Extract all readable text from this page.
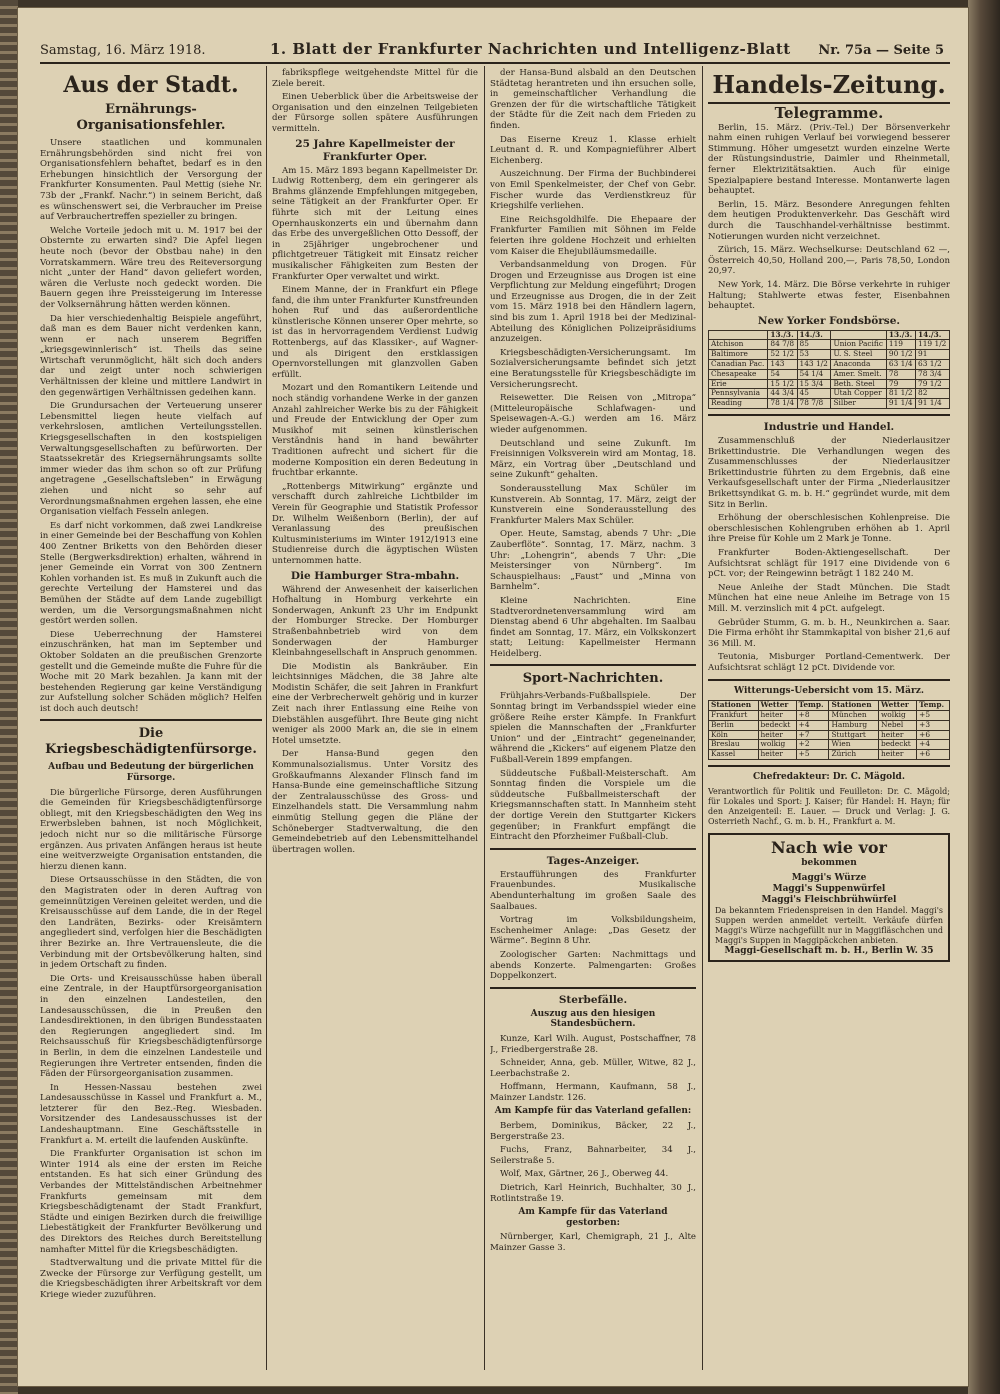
Samstag, 16. März 1918.	1. Blatt der Frankfurter Nachrichten und Intelligenz-Blatt Nr. 75a — Seite 5
Aus der Stadt.
Ernährungs-Organisationsfehler.

Unsere staatlichen und kommunalen Ernährungsbehörden sind nicht frei von Organisationsfehlern behaftet, bedarf es in den Erhebungen hinsichtlich der Versorgung der Frankfurter Konsumenten. Paul Mettig (siehe Nr. 73b der „Frankf. Nachr.“) in seinem Bericht, daß es wünschenswert sei, die Verbraucher im Preise auf Verbrauchertreffen spezieller zu bringen.

Welche Vorteile jedoch mit u. M. 1917 bei der Obsternte zu erwarten sind? Die Apfel liegen heute noch (bevor der Obstbau nahe) in den Vorratskammern. Wäre treu des Reiteversorgung nicht „unter der Hand“ davon geliefert worden, wären die Verluste noch gedeckt worden. Die Bauern gegen ihre Preissteigerung im Interesse der Volksernährung hätten werden können.

Da hier verschiedenhaltig Beispiele angeführt, daß man es dem Bauer nicht verdenken kann, wenn er nach unserem Begriffen „kriegsgewinnlerisch“ ist. Theils das seine Wirtschaft verunmöglicht, hält sich doch anders dar und zeigt unter noch schwierigen Verhältnissen der kleine und mittlere Landwirt in den gegenwärtigen Verhältnissen gedeihen kann.

Die Grundursachen der Verteuerung unserer Lebensmittel liegen heute vielfach auf verkehrslosen, amtlichen Verteilungsstellen. Kriegsgesellschaften in den kostspieligen Verwaltungsgesellschaften zu befürworten. Der Staatssekretär des Kriegsernährungsamts sollte immer wieder das ihm schon so oft zur Prüfung angetragene „Gesellschaftsleben“ in Erwägung ziehen und nicht so sehr auf Verordnungsmaßnahmen ergehen lassen, ehe eine Organisation vielfach Fesseln anlegen.

Es darf nicht vorkommen, daß zwei Landkreise in einer Gemeinde bei der Beschaffung von Kohlen 400 Zentner Briketts von den Behörden dieser Stelle (Bergwerksdirektion) erhalten, während in jener Gemeinde ein Vorrat von 300 Zentnern Kohlen vorhanden ist. Es muß in Zukunft auch die gerechte Verteilung der Hamsterei und das Bemühen der Städte auf dem Lande zugebilligt werden, um die Versorgungsmaßnahmen nicht gestört werden sollen.

Diese Ueberrechnung der Hamsterei einzuschränken, hat man im September und Oktober Soldaten an die preußischen Grenzorte gestellt und die Gemeinde mußte die Fuhre für die Woche mit 20 Mark bezahlen. Ja kann mit der bestehenden Regierung gar keine Verständigung zur Aufstellung solcher Schäden möglich? Helfen ist doch auch deutsch!

Die Kriegsbeschädigtenfürsorge.
Aufbau und Bedeutung der bürgerlichen Fürsorge.

Die bürgerliche Fürsorge, deren Ausführungen die Gemeinden für Kriegsbeschädigtenfürsorge obliegt, mit den Kriegsbeschädigten den Weg ins Erwerbsleben bahnen, ist noch Möglichkeit, jedoch nicht nur so die militärische Fürsorge ergänzen. Aus privaten Anfängen heraus ist heute eine weitverzweigte Organisation entstanden, die hierzu dienen kann.

Diese Ortsausschüsse in den Städten, die von den Magistraten oder in deren Auftrag von gemeinnützigen Vereinen geleitet werden, und die Kreisausschüsse auf dem Lande, die in der Regel den Landräten, Bezirks- oder Kreisämtern angegliedert sind, verfolgen hier die Beschädigten ihrer Bezirke an. Ihre Vertrauensleute, die die Verbindung mit der Ortsbevölkerung halten, sind in jedem Ortschaft zu finden.

Die Orts- und Kreisausschüsse haben überall eine Zentrale, in der Hauptfürsorgeorganisation in den einzelnen Landesteilen, den Landesausschüssen, die in Preußen den Landesdirektionen, in den übrigen Bundesstaaten den Regierungen angegliedert sind. Im Reichsausschuß für Kriegsbeschädigtenfürsorge in Berlin, in dem die einzelnen Landesteile und Regierungen ihre Vertreter entsenden, finden die Fäden der Fürsorgeorganisation zusammen.

In Hessen-Nassau bestehen zwei Landesausschüsse in Kassel und Frankfurt a. M., letzterer für den Bez.-Reg. Wiesbaden. Vorsitzender des Landesausschusses ist der Landeshauptmann. Eine Geschäftsstelle in Frankfurt a. M. erteilt die laufenden Auskünfte.

Die Frankfurter Organisation ist schon im Winter 1914 als eine der ersten im Reiche entstanden. Es hat sich einer Gründung des Verbandes der Mittelständischen Arbeitnehmer Frankfurts gemeinsam mit dem Kriegsbeschädigtenamt der Stadt Frankfurt, Städte und einigen Bezirken durch die freiwillige Liebestätigkeit der Frankfurter Bevölkerung und des Direktors des Reiches durch Bereitstellung namhafter Mittel für die Kriegsbeschädigten.

Stadtverwaltung und die private Mittel für die Zwecke der Fürsorge zur Verfügung gestellt, um die Kriegsbeschädigten ihrer Arbeitskraft vor dem Kriege wieder zuzuführen.

fabrikspflege weitgehendste Mittel für die Ziele bereit.

Einen Ueberblick über die Arbeitsweise der Organisation und den einzelnen Teilgebieten der Fürsorge sollen spätere Ausführungen vermitteln.

25 Jahre Kapellmeister der Frankfurter Oper.

Am 15. März 1893 begann Kapellmeister Dr. Ludwig Rottenberg, dem ein geringerer als Brahms glänzende Empfehlungen mitgegeben, seine Tätigkeit an der Frankfurter Oper. Er führte sich mit der Leitung eines Opernhauskonzerts ein und übernahm dann das Erbe des unvergeßlichen Otto Dessoff, der in 25jähriger ungebrochener und pflichtgetreuer Tätigkeit mit Einsatz reicher musikalischer Fähigkeiten zum Besten der Frankfurter Oper verwaltet und wirkt.

Einem Manne, der in Frankfurt ein Pflege fand, die ihm unter Frankfurter Kunstfreunden hohen Ruf und das außerordentliche künstlerische Können unserer Oper mehrte, so ist das in hervorragendem Verdienst Ludwig Rottenbergs, auf das Klassiker-, auf Wagner- und als Dirigent den erstklassigen Opernvorstellungen mit glanzvollen Gaben erfüllt.

Mozart und den Romantikern Leitende und noch ständig vorhandene Werke in der ganzen Anzahl zahlreicher Werke bis zu der Fähigkeit und Freude der Entwicklung der Oper zum Musikhof mit seinen künstlerischen Verständnis hand in hand bewährter Traditionen aufrecht und sichert für die moderne Komposition ein deren Bedeutung in fruchtbar erkannte.

„Rottenbergs Mitwirkung“ ergänzte und verschafft durch zahlreiche Lichtbilder im Verein für Geographie und Statistik Professor Dr. Wilhelm Weißenborn (Berlin), der auf Veranlassung des preußischen Kultusministeriums im Winter 1912/1913 eine Studienreise durch die ägyptischen Wüsten unternommen hatte.

Die Hamburger Stra-mbahn.

Während der Anwesenheit der kaiserlichen Hofhaltung in Homburg verkehrte ein Sonderwagen, Ankunft 23 Uhr im Endpunkt der Homburger Strecke. Der Homburger Straßenbahnbetrieb wird von dem Sonderwagen der Hamburger Kleinbahngesellschaft in Anspruch genommen.

Die Modistin als Bankräuber. Ein leichtsinniges Mädchen, die 38 Jahre alte Modistin Schäfer, die seit Jahren in Frankfurt eine der Verbrecherwelt gehörig und in kurzer Zeit nach ihrer Entlassung eine Reihe von Diebstählen ausgeführt. Ihre Beute ging nicht weniger als 2000 Mark an, die sie in einem Hotel umsetzte.

Der Hansa-Bund gegen den Kommunalsozialismus. Unter Vorsitz des Großkaufmanns Alexander Flinsch fand im Hansa-Bunde eine gemeinschaftliche Sitzung der Zentralausschüsse des Gross- und Einzelhandels statt. Die Versammlung nahm einmütig Stellung gegen die Pläne der Schöneberger Stadtverwaltung, die den Gemeindebetrieb auf den Lebensmittelhandel übertragen wollen.

der Hansa-Bund alsbald an den Deutschen Städtetag herantreten und ihn ersuchen solle, in gemeinschaftlicher Verhandlung die Grenzen der für die wirtschaftliche Tätigkeit der Städte für die Zeit nach dem Frieden zu finden.

Das Eiserne Kreuz 1. Klasse erhielt Leutnant d. R. und Kompagnieführer Albert Eichenberg.

Auszeichnung. Der Firma der Buchbinderei von Emil Spenkelmeister, der Chef von Gebr. Fischer wurde das Verdienstkreuz für Kriegshilfe verliehen.

Eine Reichsgoldhilfe. Die Ehepaare der Frankfurter Familien mit Söhnen im Felde feierten ihre goldene Hochzeit und erhielten vom Kaiser die Ehejubiläumsmedaille.

Verbandsanmeldung von Drogen. Für Drogen und Erzeugnisse aus Drogen ist eine Verpflichtung zur Meldung eingeführt; Drogen und Erzeugnisse aus Drogen, die in der Zeit vom 15. März 1918 bei den Händlern lagern, sind bis zum 1. April 1918 bei der Medizinal-Abteilung des Königlichen Polizeipräsidiums anzuzeigen.

Kriegsbeschädigten-Versicherungsamt. Im Sozialversicherungsamte befindet sich jetzt eine Beratungsstelle für Kriegsbeschädigte im Versicherungsrecht.

Reisewetter. Die Reisen von „Mitropa“ (Mitteleuropäische Schlafwagen- und Speisewagen-A.-G.) werden am 16. März wieder aufgenommen.

Deutschland und seine Zukunft. Im Freisinnigen Volksverein wird am Montag, 18. März, ein Vortrag über „Deutschland und seine Zukunft“ gehalten.

Sonderausstellung Max Schüler im Kunstverein. Ab Sonntag, 17. März, zeigt der Kunstverein eine Sonderausstellung des Frankfurter Malers Max Schüler.

Oper. Heute, Samstag, abends 7 Uhr: „Die Zauberflöte“. Sonntag, 17. März, nachm. 3 Uhr: „Lohengrin“, abends 7 Uhr: „Die Meistersinger von Nürnberg“. Im Schauspielhaus: „Faust“ und „Minna von Barnhelm“.

Kleine Nachrichten. Eine Stadtverordnetenversammlung wird am Dienstag abend 6 Uhr abgehalten. Im Saalbau findet am Sonntag, 17. März, ein Volkskonzert statt; Leitung: Kapellmeister Hermann Heidelberg.

Sport-Nachrichten.

Frühjahrs-Verbands-Fußballspiele. Der Sonntag bringt im Verbandsspiel wieder eine größere Reihe erster Kämpfe. In Frankfurt spielen die Mannschaften der „Frankfurter Union“ und der „Eintracht“ gegeneinander, während die „Kickers“ auf eigenem Platze den Fußball-Verein 1899 empfangen.

Süddeutsche Fußball-Meisterschaft. Am Sonntag finden die Vorspiele um die süddeutsche Fußballmeisterschaft der Kriegsmannschaften statt. In Mannheim steht der dortige Verein den Stuttgarter Kickers gegenüber; in Frankfurt empfängt die Eintracht den Pforzheimer Fußball-Club.

Tages-Anzeiger.

Erstaufführungen des Frankfurter Frauenbundes. Musikalische Abendunterhaltung im großen Saale des Saalbaues.

Vortrag im Volksbildungsheim, Eschenheimer Anlage: „Das Gesetz der Wärme“. Beginn 8 Uhr.

Zoologischer Garten: Nachmittags und abends Konzerte. Palmengarten: Großes Doppelkonzert.

Sterbefälle.
Auszug aus den hiesigen Standesbüchern.

Kunze, Karl Wilh. August, Postschaffner, 78 J., Friedbergerstraße 28.

Schneider, Anna, geb. Müller, Witwe, 82 J., Leerbachstraße 2.

Hoffmann, Hermann, Kaufmann, 58 J., Mainzer Landstr. 126.

Am Kampfe für das Vaterland gefallen:

Berbem, Dominikus, Bäcker, 22 J., Bergerstraße 23.

Fuchs, Franz, Bahnarbeiter, 34 J., Seilerstraße 5.

Wolf, Max, Gärtner, 26 J., Oberweg 44.

Dietrich, Karl Heinrich, Buchhalter, 30 J., Rotlintstraße 19.

Am Kampfe für das Vaterland gestorben:

Nürnberger, Karl, Chemigraph, 21 J., Alte Mainzer Gasse 3.

Handels-Zeitung.
Telegramme.

Berlin, 15. März. (Priv.-Tel.) Der Börsenverkehr nahm einen ruhigen Verlauf bei vorwiegend besserer Stimmung. Höher umgesetzt wurden einzelne Werte der Rüstungsindustrie, Daimler und Rheinmetall, ferner Elektrizitätsaktien. Auch für einige Spezialpapiere bestand Interesse. Montanwerte lagen behauptet.

Berlin, 15. März. Besondere Anregungen fehlten dem heutigen Produktenverkehr. Das Geschäft wird durch die Tauschhandel-verhältnisse bestimmt. Notierungen wurden nicht verzeichnet.

Zürich, 15. März. Wechselkurse: Deutschland 62 —, Österreich 40,50, Holland 200,—, Paris 78,50, London 20,97.

New York, 14. März. Die Börse verkehrte in ruhiger Haltung; Stahlwerte etwas fester, Eisenbahnen behauptet.

New Yorker Fondsbörse.
	13./3.	14./3.		13./3.	14./3.
Atchison	84 7/8	85	Union Pacific	119	119 1/2
Baltimore	52 1/2	53	U. S. Steel	90 1/2	91
Canadian Pac.	143	143 1/2	Anaconda	63 1/4	63 1/2
Chesapeake	54	54 1/4	Amer. Smelt.	78	78 3/4
Erie	15 1/2	15 3/4	Beth. Steel	79	79 1/2
Pennsylvania	44 3/4	45	Utah Copper	81 1/2	82
Reading	78 1/4	78 7/8	Silber	91 1/4	91 1/4
Industrie und Handel.

Zusammenschluß der Niederlausitzer Brikettindustrie. Die Verhandlungen wegen des Zusammenschlusses der Niederlausitzer Brikettindustrie führten zu dem Ergebnis, daß eine Verkaufsgesellschaft unter der Firma „Niederlausitzer Brikettsyndikat G. m. b. H.“ gegründet wurde, mit dem Sitz in Berlin.

Erhöhung der oberschlesischen Kohlenpreise. Die oberschlesischen Kohlengruben erhöhen ab 1. April ihre Preise für Kohle um 2 Mark je Tonne.

Frankfurter Boden-Aktiengesellschaft. Der Aufsichtsrat schlägt für 1917 eine Dividende von 6 pCt. vor; der Reingewinn beträgt 1 182 240 M.

Neue Anleihe der Stadt München. Die Stadt München hat eine neue Anleihe im Betrage von 15 Mill. M. verzinslich mit 4 pCt. aufgelegt.

Gebrüder Stumm, G. m. b. H., Neunkirchen a. Saar. Die Firma erhöht ihr Stammkapital von bisher 21,6 auf 36 Mill. M.

Teutonia, Misburger Portland-Cementwerk. Der Aufsichtsrat schlägt 12 pCt. Dividende vor.

Witterungs-Uebersicht vom 15. März.
Stationen	Wetter	Temp.	Stationen	Wetter	Temp.
Frankfurt	heiter	+8	München	wolkig	+5
Berlin	bedeckt	+4	Hamburg	Nebel	+3
Köln	heiter	+7	Stuttgart	heiter	+6
Breslau	wolkig	+2	Wien	bedeckt	+4
Kassel	heiter	+5	Zürich	heiter	+6
Chefredakteur: Dr. C. Mägold.
Verantwortlich für Politik und Feuilleton: Dr. C. Mägold; für Lokales und Sport: J. Kaiser; für Handel: H. Hayn; für den Anzeigenteil: E. Lauer. — Druck und Verlag: J. G. Osterrieth Nachf., G. m. b. H., Frankfurt a. M.
Nach wie vor
bekommen
Maggi's Würze
Maggi's Suppenwürfel
Maggi's Fleischbrühwürfel
Da bekanntem Friedenspreisen in den Handel. Maggi's Suppen werden anmeldet verteilt. Verkäufe dürfen Maggi's Würze nachgefüllt nur in Maggifläschchen und Maggi's Suppen in Maggipäckchen anbieten.
Maggi-Gesellschaft m. b. H., Berlin W. 35
